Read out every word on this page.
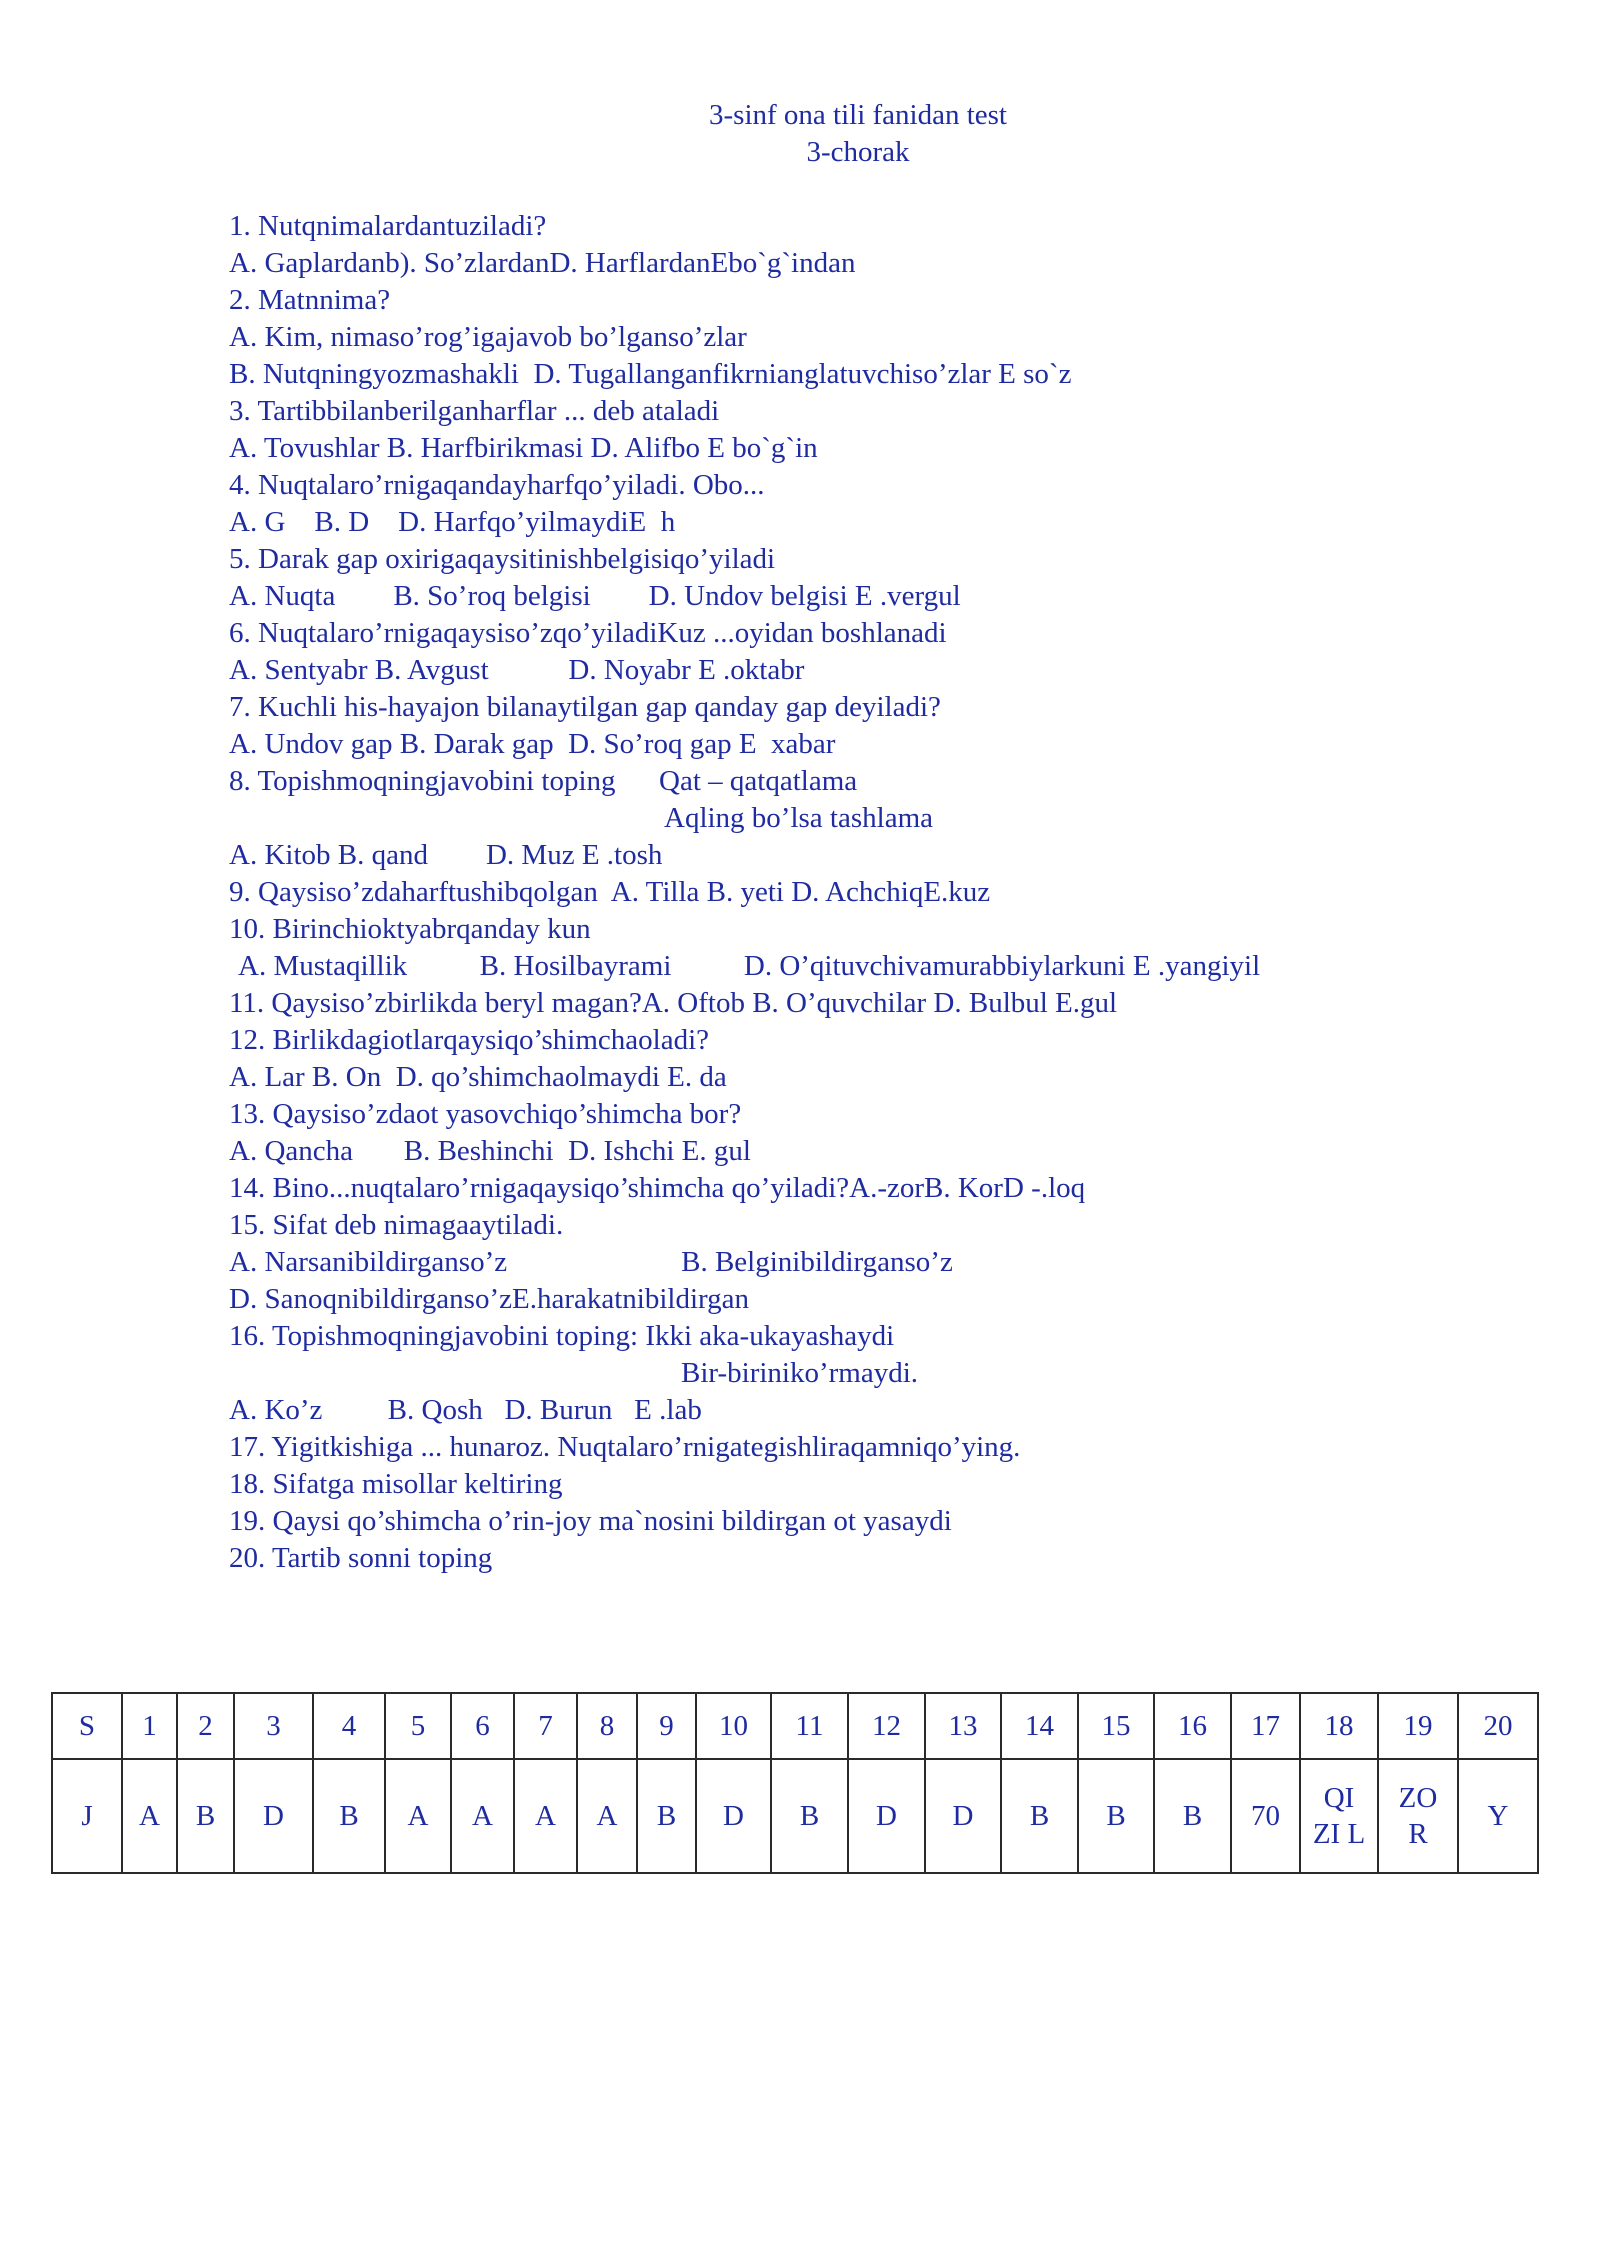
3-sinf ona tili fanidan test
3-chorak
1. Nutqnimalardantuziladi?
A. Gaplardanb). So’zlardanD. HarflardanEbo`g`indan
2. Matnnima?
A. Kim, nimaso’rog’igajavob bo’lganso’zlar
B. Nutqningyozmashakli  D. Tugallanganfikrnianglatuvchiso’zlar E so`z
3. Tartibbilanberilganharflar ... deb ataladi
A. Tovushlar B. Harfbirikmasi D. Alifbo E bo`g`in
4. Nuqtalaro’rnigaqandayharfqo’yiladi. Obo...
A. G    B. D    D. Harfqo’yilmaydiE  h
5. Darak gap oxirigaqaysitinishbelgisiqo’yiladi
A. Nuqta        B. So’roq belgisi        D. Undov belgisi E .vergul
6. Nuqtalaro’rnigaqaysiso’zqo’yiladiKuz ...oyidan boshlanadi
A. Sentyabr B. Avgust           D. Noyabr E .oktabr
7. Kuchli his-hayajon bilanaytilgan gap qanday gap deyiladi?
A. Undov gap B. Darak gap  D. So’roq gap E  xabar
8. Topishmoqningjavobini toping      Qat – qatqatlama
Aqling bo’lsa tashlama
A. Kitob B. qand        D. Muz E .tosh
9. Qaysiso’zdaharftushibqolgan  A. Tilla B. yeti D. AchchiqE.kuz
10. Birinchioktyabrqanday kun
A. Mustaqillik          B. Hosilbayrami          D. O’qituvchivamurabbiylarkuni E .yangiyil
11. Qaysiso’zbirlikda beryl magan?A. Oftob B. O’quvchilar D. Bulbul E.gul
12. Birlikdagiotlarqaysiqo’shimchaoladi?
A. Lar B. On  D. qo’shimchaolmaydi E. da
13. Qaysiso’zdaot yasovchiqo’shimcha bor?
A. Qancha       B. Beshinchi  D. Ishchi E. gul
14. Bino...nuqtalaro’rnigaqaysiqo’shimcha qo’yiladi?A.-zorB. KorD -.loq
15. Sifat deb nimagaaytiladi.
A. Narsanibildirganso’z                        B. Belginibildirganso’z
D. Sanoqnibildirganso’zE.harakatnibildirgan
16. Topishmoqningjavobini toping: Ikki aka-ukayashaydi
Bir-biriniko’rmaydi.
A. Ko’z         B. Qosh   D. Burun   E .lab
17. Yigitkishiga ... hunaroz. Nuqtalaro’rnigategishliraqamniqo’ying.
18. Sifatga misollar keltiring
19. Qaysi qo’shimcha o’rin-joy ma`nosini bildirgan ot yasaydi
20. Tartib sonni toping
S	1	2	3	4	5	6	7	8	9	10	11	12	13	14	15	16	17	18	19	20
J	A	B	D	B	A	A	A	A	B	D	B	D	D	B	B	B	70	QI ZI L	ZO R	Y
